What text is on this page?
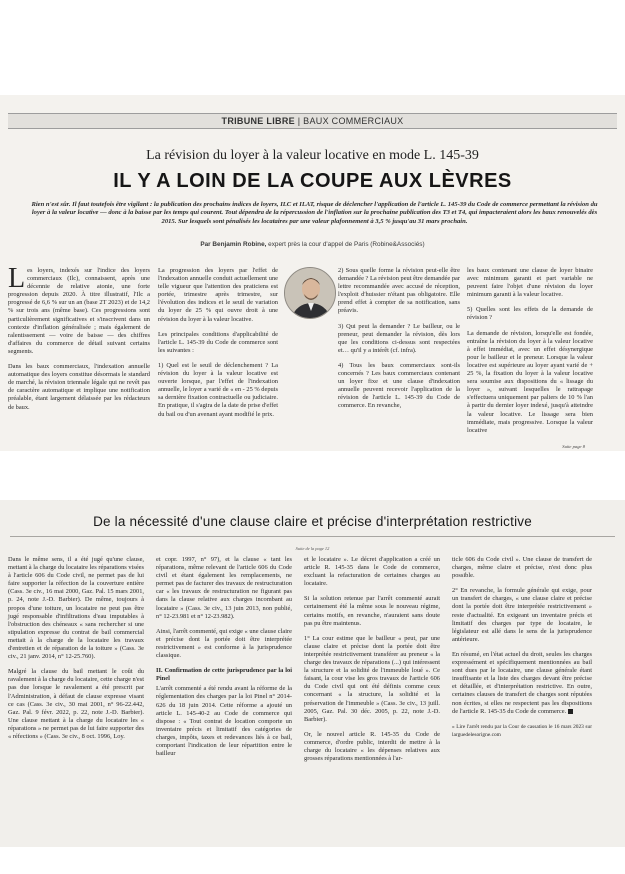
TRIBUNE LIBRE | BAUX COMMERCIAUX
La révision du loyer à la valeur locative en mode L. 145-39
IL Y A LOIN DE LA COUPE AUX LÈVRES
Rien n'est sûr. Il faut toutefois être vigilant : la publication des prochains indices de loyers, ILC et ILAT, risque de déclencher l'application de l'article L. 145-39 du Code de commerce permettant la révision du loyer à la valeur locative — donc à la baisse par les temps qui courent. Tout dépendra de la répercussion de l'inflation sur la prochaine publication des T3 et T4, qui impacteraient alors les baux renouvelés dès 2015. Sur lesquels sont pénalisés les locataires par une valeur plafonnement à 3,5 % jusqu'au 31 mars prochain.
Par Benjamin Robine, expert près la cour d'appel de Paris (Robine&Associés)

Les loyers, indexés sur l'indice des loyers commerciaux (Ilc), connaissent, après une décennie de relative atonie, une forte progression depuis 2020. À titre illustratif, l'Ilc a progressé de 6,6 % sur un an (base 2T 2023) et de 14,2 % sur trois ans (même base). Ces progressions sont particulièrement significatives et s'inscrivent dans un contexte d'inflation généralisée ; mais également de ralentissement — voire de baisse — des chiffres d'affaires du commerce de détail suivant certains segments.

Dans les baux commerciaux, l'indexation annuelle automatique des loyers constitue désormais le standard de marché, la révision triennale légale qui ne revêt pas de caractère automatique et implique une notification préalable, étant largement délaissée par les rédacteurs de baux.

La progression des loyers par l'effet de l'indexation annuelle conduit actuellement une telle vigueur que l'attention des praticiens est portée, trimestre après trimestre, sur l'évolution des indices et le seuil de variation du loyer de 25 % qui ouvre droit à une révision du loyer à la valeur locative.

Les principales conditions d'applicabilité de l'article L. 145-39 du Code de commerce sont les suivantes :

1) Quel est le seuil de déclenchement ? La révision du loyer à la valeur locative est ouverte lorsque, par l'effet de l'indexation annuelle, le loyer a varié de « en - 25 % depuis sa dernière fixation contractuelle ou judiciaire. En pratique, il s'agira de la date de prise d'effet du bail ou d'un avenant ayant modifié le prix.

2) Sous quelle forme la révision peut-elle être demandée ? La révision peut être demandée par lettre recommandée avec accusé de réception, l'exploit d'huissier n'étant pas obligatoire. Elle prend effet à compter de sa notification, sans préavis.

3) Qui peut la demander ? Le bailleur, ou le preneur, peut demander la révision, dès lors que les conditions ci-dessus sont respectées et… qu'il y a intérêt (cf. infra).

4) Tous les baux commerciaux sont-ils concernés ? Les baux commerciaux contenant un loyer fixe et une clause d'indexation annuelle peuvent recevoir l'application de la révision de l'article L. 145-39 du Code de commerce. En revanche,

les baux contenant une clause de loyer binaire avec minimum garanti et part variable ne peuvent faire l'objet d'une révision du loyer minimum garanti à la valeur locative.

5) Quelles sont les effets de la demande de révision ?

La demande de révision, lorsqu'elle est fondée, entraîne la révision du loyer à la valeur locative à effet immédiat, avec un effet désynergique pour le bailleur et le preneur. Lorsque la valeur locative est supérieure au loyer ayant varié de + 25 %, la fixation du loyer à la valeur locative sera soumise aux dispositions du « lissage du loyer », suivant lesquelles le rattrapage s'effectuera uniquement par paliers de 10 % l'an à partir du dernier loyer indexé, jusqu'à atteindre la valeur locative. Le lissage sera bien immédiate, mais progressive. Lorsque la valeur locative

Suite page 8
De la nécessité d'une clause claire et précise d'interprétation restrictive
Suite de la page 12

Dans le même sens, il a été jugé qu'une clause, mettant à la charge du locataire les réparations visées à l'article 606 du Code civil, ne permet pas de lui faire supporter la réfection de la couverture entière (Cass. 3e civ., 16 mai 2000, Gaz. Pal. 15 mars 2001, p. 24, note J.-D. Barbier). De même, toujours à propos d'une toiture, un locataire ne peut pas être jugé responsable d'infiltrations d'eau imputables à l'obstruction des chéneaux « sans rechercher si une stipulation expresse du contrat de bail commercial mettait à la charge de la locataire les travaux d'entretien et de réparation de la toiture » (Cass. 3e civ., 21 janv. 2014, n° 12-25.760).

Malgré la clause du bail mettant le coût du ravalement à la charge du locataire, cette charge n'est pas due lorsque le ravalement a été prescrit par l'Administration, à défaut de clause expresse visant ce cas (Cass. 3e civ., 30 mai 2001, n° 96-22.442, Gaz. Pal. 9 févr. 2022, p. 22, note J.-D. Barbier). Une clause mettant à la charge du locataire les « réparations » ne permet pas de lui faire supporter des « réfections » (Cass. 3e civ., 8 oct. 1996, Loy.

et copr. 1997, n° 97), et la clause « tant les réparations, même relevant de l'article 606 du Code civil et étant également les remplacements, ne permet pas de facturer des travaux de restructuration car « les travaux de restructuration ne figurant pas dans la clause relative aux charges incombant au locataire » (Cass. 3e civ., 13 juin 2013, non publié, n° 12-23.981 et n° 12-23.982).

Ainsi, l'arrêt commenté, qui exige « une clause claire et précise dont la portée doit être interprétée restrictivement » est conforme à la jurisprudence classique.

II. Confirmation de cette jurisprudence par la loi Pinel

L'arrêt commenté a été rendu avant la réforme de la réglementation des charges par la loi Pinel n° 2014-626 du 18 juin 2014. Cette réforme a ajouté un article L. 145-40-2 au Code de commerce qui dispose : « Tout contrat de location comporte un inventaire précis et limitatif des catégories de charges, impôts, taxes et redevances liés à ce bail, comportant l'indication de leur répartition entre le bailleur

et le locataire ». Le décret d'application a créé un article R. 145-35 dans le Code de commerce, excluant la refacturation de certaines charges au locataire.

Si la solution retenue par l'arrêt commenté aurait certainement été la même sous le nouveau régime, certains motifs, en revanche, n'auraient sans doute pas pu être maintenus.

1° La cour estime que le bailleur « peut, par une clause claire et précise dont la portée doit être interprétée restrictivement transférer au preneur « la charge des travaux de réparations (...) qui intéressent la structure et la solidité de l'immeuble loué ». Ce faisant, la cour vise les gros travaux de l'article 606 du Code civil qui ont été définis comme ceux concernant « la structure, la solidité et la préservation de l'immeuble » (Cass. 3e civ., 13 juill. 2005, Gaz. Pal. 30 déc. 2005, p. 22, note J.-D. Barbier).

Or, le nouvel article R. 145-35 du Code de commerce, d'ordre public, interdit de mettre à la charge du locataire « les dépenses relatives aux grosses réparations mentionnées à l'ar-

ticle 606 du Code civil ». Une clause de transfert de charges, même claire et précise, n'est donc plus possible.

2° En revanche, la formule générale qui exige, pour un transfert de charges, « une clause claire et précise dont la portée doit être interprétée restrictivement » reste d'actualité. En exigeant un inventaire précis et limitatif des charges par type de locataire, le législateur est allé dans le sens de la jurisprudence antérieure.

En résumé, en l'état actuel du droit, seules les charges expressément et spécifiquement mentionnées au bail sont dues par le locataire, une clause générale étant insuffisante et la liste des charges devant être précise et détaillée, et d'interprétation restrictive. En outre, certaines clauses de transfert de charges sont réputées non écrites, si elles ne respectent pas les dispositions de l'article R. 145-35 du Code de commerce.

» Lire l'arrêt rendu par la Cour de cassation le 16 mars 2023 sur larguedelesorigne.com
